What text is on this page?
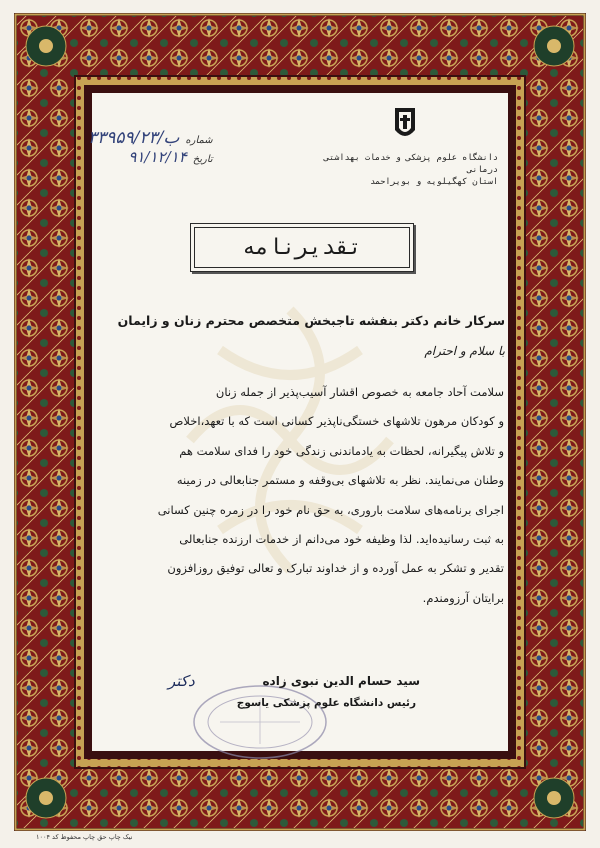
دانشگاه علوم پزشکی و خدمات بهداشتی درمانی
استان کهگیلویه و بویراحمد
شماره
ب/۳۳۹۵۹/۲۳
تاریخ
۹۱/۱۲/۱۴
تقدیرنامه
سرکار خانم دکتر بنفشه تاجبخش متخصص محترم زنان و زایمان
با سلام و احترام
سلامت آحاد جامعه به خصوص اقشار آسیب‌پذیر از جمله زنان
و کودکان مرهون تلاشهای خستگی‌ناپذیر کسانی است که با تعهد،اخلاص
و تلاش پیگیرانه، لحظات به یادماندنی زندگی خود را فدای سلامت هم
وطنان می‌نمایند. نظر به تلاشهای بی‌وقفه و مستمر جنابعالی در زمینه
اجرای برنامه‌های سلامت باروری، به حق نام خود را در زمره چنین کسانی
به ثبت رسانیده‌اید. لذا وظیفه خود می‌دانم از خدمات ارزنده جنابعالی
تقدیر و تشکر به عمل آورده و از خداوند تبارک و تعالی توفیق روزافزون
برایتان آرزومندم.
دکتر	سید حسام الدین نبوی زاده
رئیس دانشگاه علوم پزشکی یاسوج
نیک چاپ حق چاپ محفوظ کد ۱۰۰۴
